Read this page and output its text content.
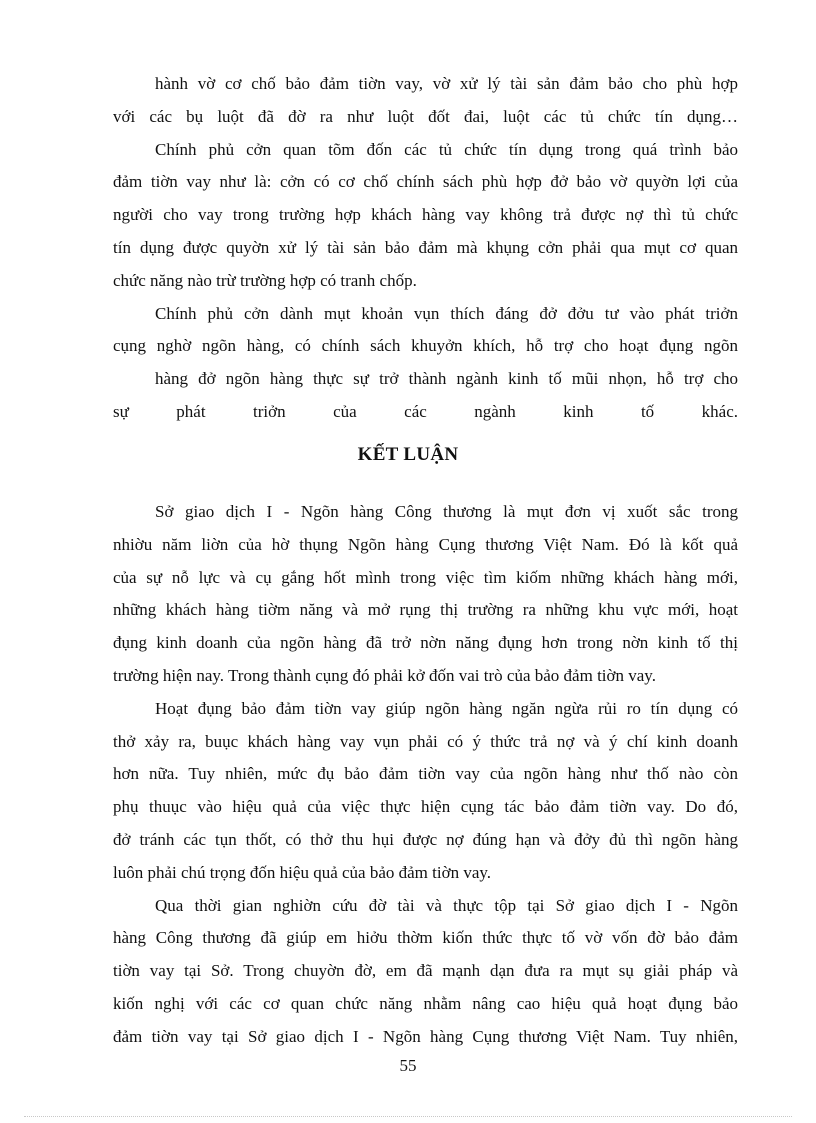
hành vờ cơ chố bảo đảm tiờn vay, vờ xử lý tài sản đảm bảo cho phù hợp
với các bụ luột đã đờ ra như luột đốt đai, luột các tủ chức tín dụng…
Chính phủ cởn quan tõm đốn các tủ chức tín dụng trong quá trình bảo
đảm tiờn vay như là: cởn có cơ chố chính sách phù hợp đở bảo vờ quyờn lợi của
người cho vay trong trường hợp khách hàng vay không trả được nợ thì tủ chức
tín dụng được quyờn xử lý tài sản bảo đảm mà khụng cởn phải qua mụt cơ quan
chức năng nào trừ trường hợp có tranh chốp.
Chính phủ cởn dành mụt khoản vụn thích đáng đở đởu tư vào phát triởn
cụng nghờ ngõn hàng, có chính sách khuyởn khích, hỗ trợ cho hoạt đụng ngõn
hàng đở ngõn hàng thực sự trở thành ngành kinh tố mũi nhọn, hỗ trợ cho
sự phát triởn của các ngành kinh tố khác.
KẾT LUẬN
Sở giao dịch I - Ngõn hàng Công thương là mụt đơn vị xuốt sắc trong
nhiờu năm liờn của hờ thụng Ngõn hàng Cụng thương Việt Nam. Đó là kốt quả
của sự nỗ lực và cụ gắng hốt mình trong việc tìm kiốm những khách hàng mới,
những khách hàng tiờm năng và mở rụng thị trường ra những khu vực mới, hoạt
đụng kinh doanh của ngõn hàng đã trở nờn năng đụng hơn trong nờn kinh tố thị
trường hiện nay. Trong thành cụng đó phải kở đốn vai trò của bảo đảm tiờn vay.
Hoạt đụng bảo đảm tiờn vay giúp ngõn hàng ngăn ngừa rủi ro tín dụng có
thở xảy ra, buục khách hàng vay vụn phải có ý thức trả nợ và ý chí kinh doanh
hơn nữa. Tuy nhiên, mức đụ bảo đảm tiờn vay của ngõn hàng như thố nào còn
phụ thuục vào hiệu quả của việc thực hiện cụng tác bảo đảm tiờn vay. Do đó,
đở tránh các tụn thốt, có thở thu hụi được nợ đúng hạn và đởy đủ thì ngõn hàng
luôn phải chú trọng đốn hiệu quả của bảo đảm tiờn vay.
Qua thời gian nghiờn cứu đờ tài và thực tộp tại Sở giao dịch I - Ngõn
hàng Công thương đã giúp em hiởu thờm kiốn thức thực tố vờ vốn đờ bảo đảm
tiờn vay tại Sở. Trong chuyờn đờ, em đã mạnh dạn đưa ra mụt sụ giải pháp và
kiốn nghị với các cơ quan chức năng nhằm nâng cao hiệu quả hoạt đụng bảo
đảm tiờn vay tại Sở giao dịch I - Ngõn hàng Cụng thương Việt Nam. Tuy nhiên,
55
